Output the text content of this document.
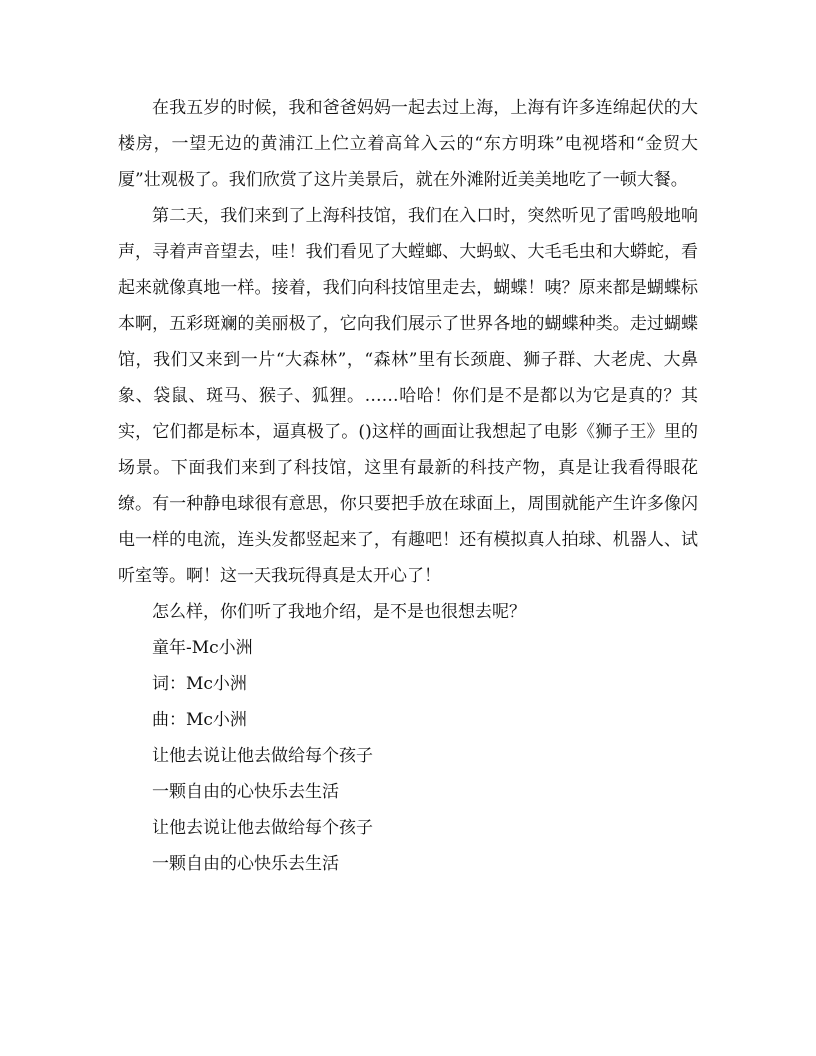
在我五岁的时候，我和爸爸妈妈一起去过上海，上海有许多连绵起伏的大楼房，一望无边的黄浦江上伫立着高耸入云的“东方明珠”电视塔和“金贸大厦”壮观极了。我们欣赏了这片美景后，就在外滩附近美美地吃了一顿大餐。

第二天，我们来到了上海科技馆，我们在入口时，突然听见了雷鸣般地响声，寻着声音望去，哇！我们看见了大螳螂、大蚂蚁、大毛毛虫和大蟒蛇，看起来就像真地一样。接着，我们向科技馆里走去，蝴蝶！咦？原来都是蝴蝶标本啊，五彩斑斓的美丽极了，它向我们展示了世界各地的蝴蝶种类。走过蝴蝶馆，我们又来到一片“大森林”，“森林”里有长颈鹿、狮子群、大老虎、大鼻象、袋鼠、斑马、猴子、狐狸。……哈哈！你们是不是都以为它是真的？其实，它们都是标本，逼真极了。()这样的画面让我想起了电影《狮子王》里的场景。下面我们来到了科技馆，这里有最新的科技产物，真是让我看得眼花缭。有一种静电球很有意思，你只要把手放在球面上，周围就能产生许多像闪电一样的电流，连头发都竖起来了，有趣吧！还有模拟真人拍球、机器人、试听室等。啊！这一天我玩得真是太开心了！

怎么样，你们听了我地介绍，是不是也很想去呢？

童年-Mc小洲

词：Mc小洲

曲：Mc小洲

让他去说让他去做给每个孩子

一颗自由的心快乐去生活

让他去说让他去做给每个孩子

一颗自由的心快乐去生活
